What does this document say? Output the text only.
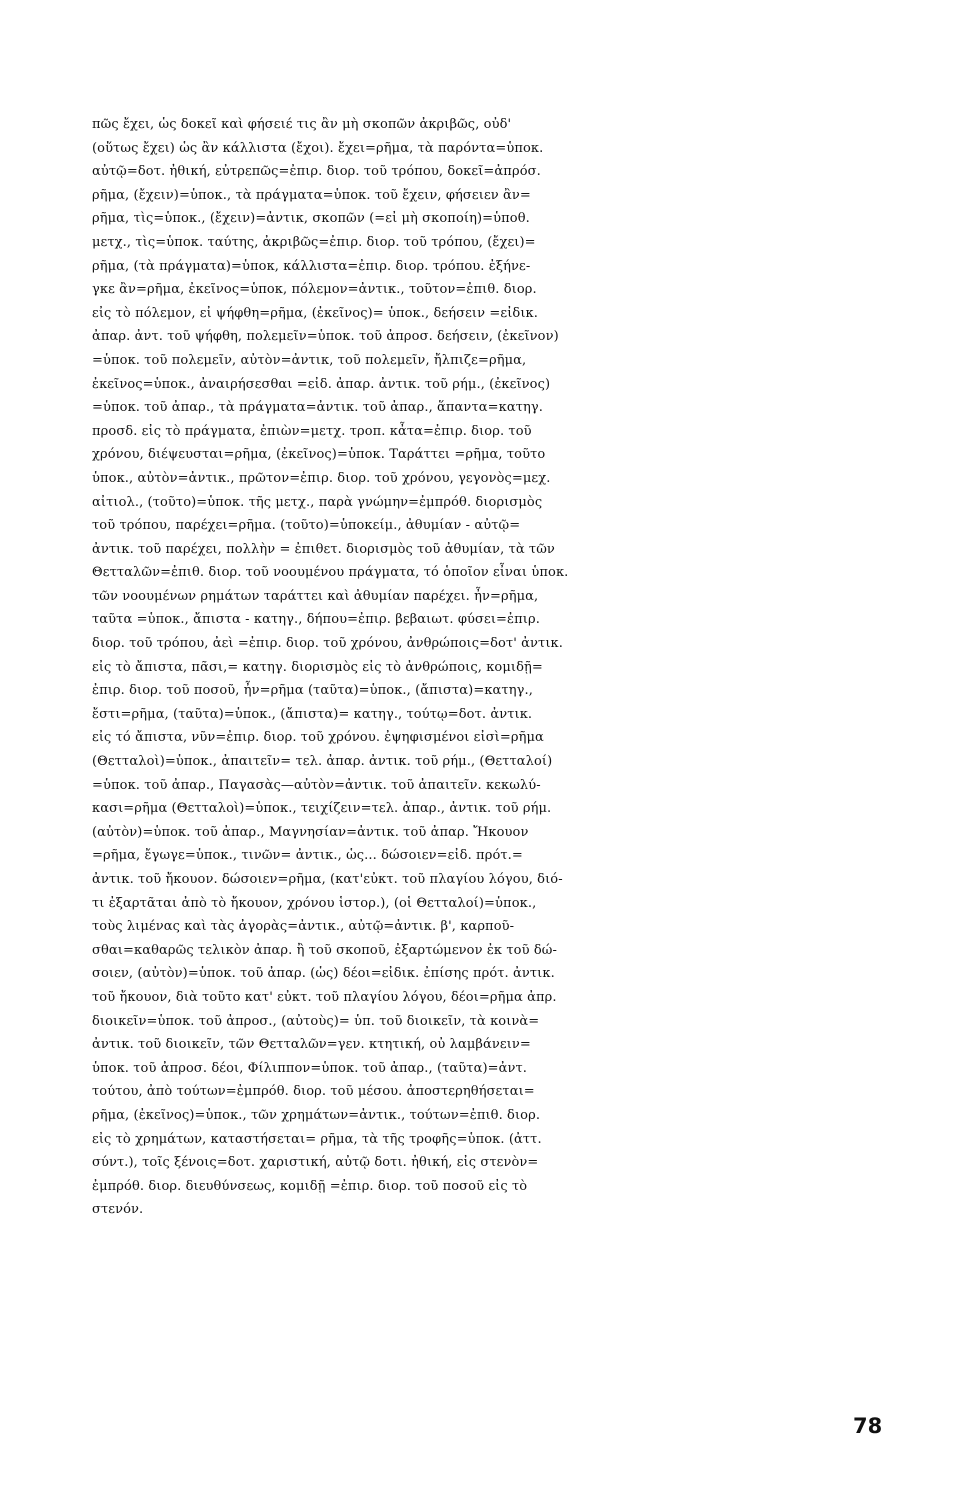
πῶς ἔχει, ὡς δοκεῖ καὶ φήσειέ τις ἂν μὴ σκοπῶν ἀκριβῶς, οὐδ'
(οὕτως ἔχει) ὡς ἂν κάλλιστα (ἔχοι). ἔχει=ρῆμα, τὰ παρόντα=ὑποκ.
αὐτῷ=δοτ. ἠθική, εὐτρεπῶς=ἐπιρ. διορ. τοῦ τρόπου, δοκεῖ=ἀπρόσ.
ρῆμα, (ἔχειν)=ὑποκ., τὰ πράγματα=ὑποκ. τοῦ ἔχειν, φήσειεν ἂν=
ρῆμα, τὶς=ὑποκ., (ἔχειν)=ἀντικ, σκοπῶν (=εἰ μὴ σκοποίη)=ὑποθ.
μετχ., τὶς=ὑποκ. ταύτης, ἀκριβῶς=ἐπιρ. διορ. τοῦ τρόπου, (ἔχει)=
ρῆμα, (τὰ πράγματα)=ὑποκ, κάλλιστα=ἐπιρ. διορ. τρόπου. ἐξήνε-
γκε ἂν=ρῆμα, ἐκεῖνος=ὑποκ, πόλεμον=ἀντικ., τοῦτον=ἐπιθ. διορ.
εἰς τὸ πόλεμον, εἰ ψήφθη=ρῆμα, (ἐκεῖνος)= ὑποκ., δεήσειν =εἰδικ.
ἀπαρ. ἀντ. τοῦ ψήφθη, πολεμεῖν=ὑποκ. τοῦ ἀπροσ. δεήσειν, (ἐκεῖνον)
=ὑποκ. τοῦ πολεμεῖν, αὐτὸν=ἀντικ, τοῦ πολεμεῖν, ἤλπιζε=ρῆμα,
ἐκεῖνος=ὑποκ., ἀναιρήσεσθαι =εἰδ. ἀπαρ. ἀντικ. τοῦ ρήμ., (ἐκεῖνος)
=ὑποκ. τοῦ ἀπαρ., τὰ πράγματα=ἀντικ. τοῦ ἀπαρ., ἅπαντα=κατηγ.
προσδ. εἰς τὸ πράγματα, ἐπιὼν=μετχ. τροπ. κἆτα=ἐπιρ. διορ. τοῦ
χρόνου, διέψευσται=ρῆμα, (ἐκεῖνος)=ὑποκ. Ταράττει =ρῆμα, τοῦτο
ὑποκ., αὐτὸν=ἀντικ., πρῶτον=ἐπιρ. διορ. τοῦ χρόνου, γεγονὸς=μεχ.
αἰτιολ., (τοῦτο)=ὑποκ. τῆς μετχ., παρὰ γνώμην=ἐμπρόθ. διορισμὸς
τοῦ τρόπου, παρέχει=ρῆμα. (τοῦτο)=ὑποκείμ., ἀθυμίαν - αὐτῷ=
ἀντικ. τοῦ παρέχει, πολλὴν = ἐπιθετ. διορισμὸς τοῦ ἀθυμίαν, τὰ τῶν
Θετταλῶν=ἐπιθ. διορ. τοῦ νοουμένου πράγματα, τό ὁποῖον εἶναι ὑποκ.
τῶν νοουμένων ρημάτων ταράττει καὶ ἀθυμίαν παρέχει. ἦν=ρῆμα,
ταῦτα =ὑποκ., ἄπιστα - κατηγ., δήπου=ἐπιρ. βεβαιωτ. φύσει=ἐπιρ.
διορ. τοῦ τρόπου, ἀεὶ =ἐπιρ. διορ. τοῦ χρόνου, ἀνθρώποις=δοτ' ἀντικ.
εἰς τὸ ἄπιστα, πᾶσι,= κατηγ. διορισμὸς εἰς τὸ ἀνθρώποις, κομιδῇ=
ἐπιρ. διορ. τοῦ ποσοῦ, ἦν=ρῆμα (ταῦτα)=ὑποκ., (ἄπιστα)=κατηγ.,
ἔστι=ρῆμα, (ταῦτα)=ὑποκ., (ἄπιστα)= κατηγ., τούτῳ=δοτ. ἀντικ.
εἰς τό ἄπιστα, νῦν=ἐπιρ. διορ. τοῦ χρόνου. ἐψηφισμένοι εἰσὶ=ρῆμα
(Θετταλοὶ)=ὑποκ., ἀπαιτεῖν= τελ. ἀπαρ. ἀντικ. τοῦ ρήμ., (Θετταλοί)
=ὑποκ. τοῦ ἀπαρ., Παγασὰς—αὐτὸν=ἀντικ. τοῦ ἀπαιτεῖν. κεκωλύ-
κασι=ρῆμα (Θετταλοὶ)=ὑποκ., τειχίζειν=τελ. ἀπαρ., ἀντικ. τοῦ ρήμ.
(αὐτὸν)=ὑποκ. τοῦ ἀπαρ., Μαγνησίαν=ἀντικ. τοῦ ἀπαρ. Ἤκουον
=ρῆμα, ἔγωγε=ὑποκ., τινῶν= ἀντικ., ὡς... δώσοιεν=εἰδ. πρότ.=
ἀντικ. τοῦ ἤκουον. δώσοιεν=ρῆμα, (κατ'εὐκτ. τοῦ πλαγίου λόγου, διό-
τι ἐξαρτᾶται ἀπὸ τὸ ἤκουον, χρόνου ἱστορ.), (οἱ Θετταλοί)=ὑποκ.,
τοὺς λιμένας καὶ τὰς ἀγορὰς=ἀντικ., αὐτῷ=ἀντικ. β', καρποῦ-
σθαι=καθαρῶς τελικὸν ἀπαρ. ἢ τοῦ σκοποῦ, ἐξαρτώμενον ἐκ τοῦ δώ-
σοιεν, (αὐτὸν)=ὑποκ. τοῦ ἀπαρ. (ὡς) δέοι=εἰδικ. ἐπίσης πρότ. ἀντικ.
τοῦ ἤκουον, διὰ τοῦτο κατ' εὐκτ. τοῦ πλαγίου λόγου, δέοι=ρῆμα ἀπρ.
διοικεῖν=ὑποκ. τοῦ ἀπροσ., (αὐτοὺς)= ὑπ. τοῦ διοικεῖν, τὰ κοινὰ=
ἀντικ. τοῦ διοικεῖν, τῶν Θετταλῶν=γεν. κτητική, οὐ λαμβάνειν=
ὑποκ. τοῦ ἀπροσ. δέοι, Φίλιππον=ὑποκ. τοῦ ἀπαρ., (ταῦτα)=ἀντ.
τούτου, ἀπὸ τούτων=ἐμπρόθ. διορ. τοῦ μέσου. ἀποστερηθήσεται=
ρῆμα, (ἐκεῖνος)=ὑποκ., τῶν χρημάτων=ἀντικ., τούτων=ἐπιθ. διορ.
εἰς τὸ χρημάτων, καταστήσεται= ρῆμα, τὰ τῆς τροφῆς=ὑποκ. (ἀττ.
σύντ.), τοῖς ξένοις=δοτ. χαριστική, αὐτῷ δοτι. ἠθική, εἰς στενὸν=
ἐμπρόθ. διορ. διευθύνσεως, κομιδῇ =ἐπιρ. διορ. τοῦ ποσοῦ εἰς τὸ
στενόν.
78
